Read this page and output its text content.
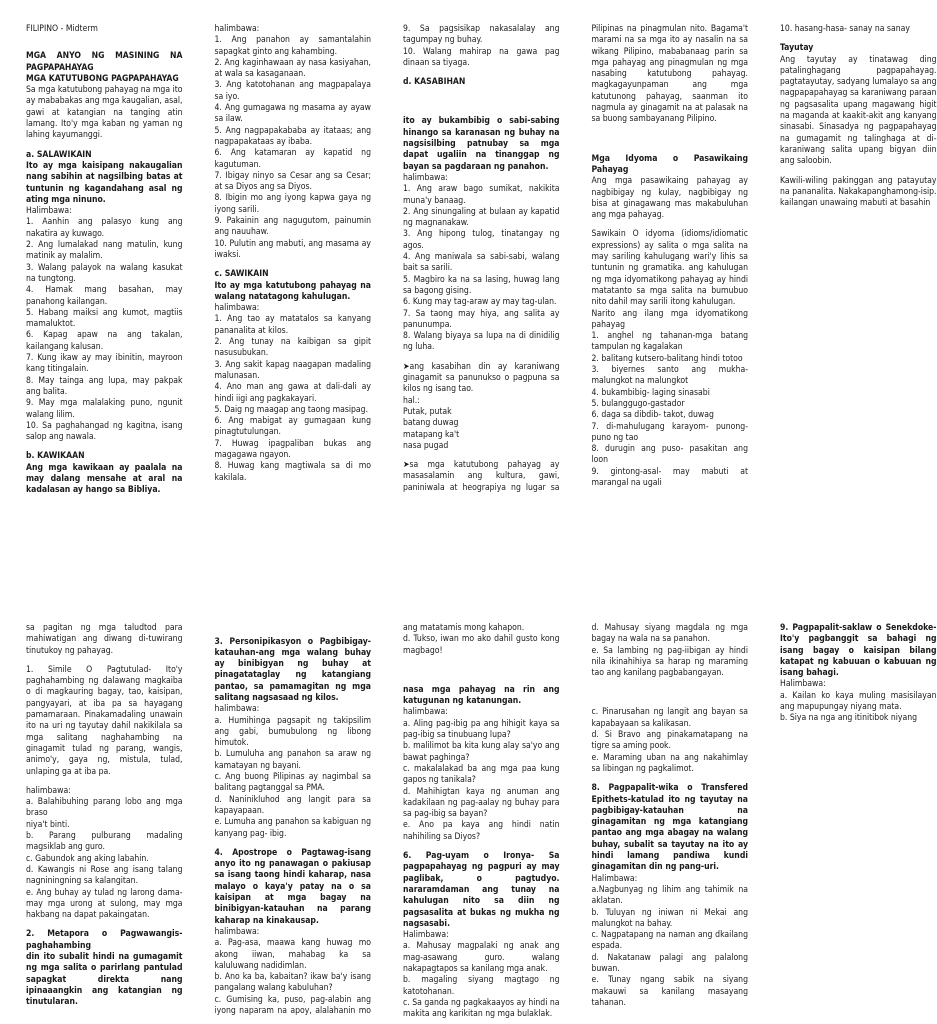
FILIPINO - Midterm

MGA ANYO NG MASINING NA PAGPAPAHAYAG

MGA KATUTUBONG PAGPAPAHAYAG

Sa mga katutubong pahayag na mga ito ay mababakas ang mga kaugalian, asal, gawi at katangian na tanging atin lamang. Ito'y mga kaban ng yaman ng lahing kayumanggi.

a. SALAWIKAIN

Ito ay mga kaisipang nakaugalian nang sabihin at nagsilbing batas at tuntunin ng kagandahang asal ng ating mga ninuno.

Halimbawa:

1. Aanhin ang palasyo kung ang nakatira ay kuwago.

2. Ang lumalakad nang matulin, kung matinik ay malalim.

3. Walang palayok na walang kasukat na tungtong.

4. Hamak mang basahan, may panahong kailangan.

5. Habang maiksi ang kumot, magtiis mamaluktot.

6. Kapag apaw na ang takalan, kailangang kalusan.

7. Kung ikaw ay may ibinitin, mayroon kang titingalain.

8. May tainga ang lupa, may pakpak ang balita.

9. May mga malalaking puno, ngunit walang lilim.

10. Sa paghahangad ng kagitna, isang salop ang nawala.

b. KAWIKAAN

Ang mga kawikaan ay paalala na may dalang mensahe at aral na kadalasan ay hango sa Bibliya.

halimbawa:

1. Ang panahon ay samantalahin sapagkat ginto ang kahambing.

2. Ang kaginhawaan ay nasa kasiyahan, at wala sa kasaganaan.

3. Ang katotohanan ang magpapalaya sa iyo.

4. Ang gumagawa ng masama ay ayaw sa ilaw.

5. Ang nagpapakababa ay itataas; ang nagpapakataas ay ibaba.

6. Ang katamaran ay kapatid ng kagutuman.

7. Ibigay ninyo sa Cesar ang sa Cesar; at sa Diyos ang sa Diyos.

8. Ibigin mo ang iyong kapwa gaya ng iyong sarili.

9. Pakainin ang nagugutom, painumin ang nauuhaw.

10. Pulutin ang mabuti, ang masama ay iwaksi.

c. SAWIKAIN

Ito ay mga katutubong pahayag na walang natatagong kahulugan.

halimbawa:

1. Ang tao ay matatalos sa kanyang pananalita at kilos.

2. Ang tunay na kaibigan sa gipit nasusubukan.

3. Ang sakit kapag naagapan madaling malunasan.

4. Ano man ang gawa at dali-dali ay hindi iigi ang pagkakayari.

5. Daig ng maagap ang taong masipag.

6. Ang mabigat ay gumagaan kung pinagtutulungan.

7. Huwag ipagpaliban bukas ang magagawa ngayon.

8. Huwag kang magtiwala sa di mo kakilala.

9. Sa pagsisikap nakasalalay ang tagumpay ng buhay.

10. Walang mahirap na gawa pag dinaan sa tiyaga.

d. KASABIHAN

ito ay bukambibig o sabi-sabing hinango sa karanasan ng buhay na nagsisilbing patnubay sa mga dapat ugaliin na tinanggap ng bayan sa pagdaraan ng panahon.

halimbawa:

1. Ang araw bago sumikat, nakikita muna'y banaag.

2. Ang sinungaling at bulaan ay kapatid ng magnanakaw.

3. Ang hipong tulog, tinatangay ng agos.

4. Ang maniwala sa sabi-sabi, walang bait sa sarili.

5. Magbiro ka na sa lasing, huwag lang sa bagong gising.

6. Kung may tag-araw ay may tag-ulan.

7. Sa taong may hiya, ang salita ay panunumpa.

8. Walang biyaya sa lupa na di dinidilig ng luha.

➤ang kasabihan din ay karaniwang ginagamit sa panunukso o pagpuna sa kilos ng isang tao.

hal.:

Putak, putak

batang duwag

matapang ka't

nasa pugad

➤sa mga katutubong pahayag ay masasalamin ang kultura, gawi, paniniwala at heograpiya ng lugar sa Pilipinas na pinagmulan nito. Bagama't marami na sa mga ito ay nasalin na sa wikang Pilipino, mababanaag parin sa mga pahayag ang pinagmulan ng mga nasabing katutubong pahayag. magkagayunpaman ang mga katutunong pahayag, saanman ito nagmula ay ginagamit na at palasak na sa buong sambayanang Pilipino.

Mga Idyoma o Pasawikaing Pahayag

Ang mga pasawikaing pahayag ay nagbibigay ng kulay, nagbibigay ng bisa at ginagawang mas makabuluhan ang mga pahayag.

Sawikain O idyoma (idioms/idiomatic expressions) ay salita o mga salita na may sariling kahulugang wari'y lihis sa tuntunin ng gramatika. ang kahulugan ng mga idyomatikong pahayag ay hindi matatanto sa mga salita na bumubuo nito dahil may sarili itong kahulugan.

Narito ang ilang mga idyomatikong pahayag

1. anghel ng tahanan-mga batang tampulan ng kagalakan

2. balitang kutsero-balitang hindi totoo

3. biyernes santo ang mukha-malungkot na malungkot

4. bukambibig- laging sinasabi

5. bulanggugo-gastador

6. daga sa dibdib- takot, duwag

7. di-mahulugang karayom- punong-puno ng tao

8. durugin ang puso- pasakitan ang loon

9. gintong-asal- may mabuti at marangal na ugali

10. hasang-hasa- sanay na sanay

Tayutay

Ang tayutay ay tinatawag ding patalinghagang pagpapahayag. pagtatayutay, sadyang lumalayo sa ang nagpapapahayag sa karaniwang paraan ng pagsasalita upang magawang higit na maganda at kaakit-akit ang kanyang sinasabi. Sinasadya ng pagpapahayag na gumagamit ng talinghaga at di-karaniwang salita upang bigyan diin ang saloobin.

Kawili-wiling pakinggan ang patayutay na pananalita. Nakakapanghamong-isip. kailangan unawaing mabuti at basahin

sa pagitan ng mga taludtod para mahiwatigan ang diwang di-tuwirang tinutukoy ng pahayag.

1. Simile O Pagtutulad- Ito'y paghahambing ng dalawang magkaiba o di magkauring bagay, tao, kaisipan, pangyayari, at iba pa sa hayagang pamamaraan. Pinakamadaling unawain ito na uri ng tayutay dahil nakikilala sa mga salitang naghahambing na ginagamit tulad ng parang, wangis, animo'y, gaya ng, mistula, tulad, unlaping ga at iba pa.

halimbawa:

a. Balahibuhing parang lobo ang mga braso

niya't binti.

b. Parang pulburang madaling magsiklab ang guro.

c. Gabundok ang aking labahin.

d. Kawangis ni Rose ang isang talang nagniningning sa kalangitan.

e. Ang buhay ay tulad ng larong dama-may mga urong at sulong, may mga hakbang na dapat pakaingatan.

2. Metapora o Pagwawangis-paghahambing

din ito subalit hindi na gumagamit ng mga salita o parirlang pantulad sapagkat direkta nang ipinaaangkin ang katangian ng tinutularan.

3. Personipikasyon o Pagbibigay-katauhan-ang mga walang buhay ay binibigyan ng buhay at pinagatataglay ng katangiang pantao, sa pamamagitan ng mga salitang nagsasaad ng kilos.

halimbawa:

a. Humihinga pagsapit ng takipsilim ang gabi, bumubulong ng libong himutok.

b. Lumuluha ang panahon sa araw ng kamatayan ng bayani.

c. Ang buong Pilipinas ay nagimbal sa balitang pagtanggal sa PMA.

d. Naninikluhod ang langit para sa kapayapaan.

e. Lumuha ang panahon sa kabiguan ng kanyang pag- ibig.

4. Apostrope o Pagtawag-isang anyo ito ng panawagan o pakiusap sa isang taong hindi kaharap, nasa malayo o kaya'y patay na o sa kaisipan at mga bagay na binibigyan-katauhan na parang kaharap na kinakausap.

halimbawa:

a. Pag-asa, maawa kang huwag mo akong iiwan, mahabag ka sa kaluluwang nadidimlan.

b. Ano ka ba, kabaitan? ikaw ba'y isang pangalang walang kabuluhan?

c. Gumising ka, puso, pag-alabin ang iyong naparam na apoy, alalahanin mo ang matatamis mong kahapon.

d. Tukso, iwan mo ako dahil gusto kong magbago!

nasa mga pahayag na rin ang katugunan ng katanungan.

halimbawa:

a. Aling pag-ibig pa ang hihigit kaya sa pag-ibig sa tinubuang lupa?

b. malilimot ba kita kung alay sa'yo ang bawat paghinga?

c. makalalakad ba ang mga paa kung gapos ng tanikala?

d. Mahihigtan kaya ng anuman ang kadakilaan ng pag-aalay ng buhay para sa pag-ibig sa bayan?

e. Ano pa kaya ang hindi natin nahihiling sa Diyos?

6. Pag-uyam o Ironya- Sa pagpapahayag ng pagpuri ay may paglibak, o pagtudyo. nararamdaman ang tunay na kahulugan nito sa diin ng pagsasalita at bukas ng mukha ng nagsasabi.

Halimbawa:

a. Mahusay magpalaki ng anak ang mag-asawang guro. walang nakapagtapos sa kanilang mga anak.

b. magaling siyang magtago ng katotohanan.

c. Sa ganda ng pagkakaayos ay hindi na makita ang karikitan ng mga bulaklak.

d. Mahusay siyang magdala ng mga bagay na wala na sa panahon.

e. Sa lambing ng pag-iibigan ay hindi nila ikinahihiya sa harap ng maraming tao ang kanilang pagbabangayan.

c. Pinarusahan ng langit ang bayan sa kapabayaan sa kalikasan.

d. Si Bravo ang pinakamatapang na tigre sa aming pook.

e. Maraming uban na ang nakahimlay sa libingan ng pagkalimot.

8. Pagpapalit-wika o Transfered Epithets-katulad ito ng tayutay na pagbibigay-katauhan na ginagamitan ng mga katangiang pantao ang mga abagay na walang buhay, subalit sa tayutay na ito ay hindi lamang pandiwa kundi ginagamitan din ng pang-uri.

Halimbawa:

a.Nagbunyag ng lihim ang tahimik na aklatan.

b. Tuluyan ng iniwan ni Mekai ang malungkot na bahay.

c. Nagpatapang na naman ang dkailang espada.

d. Nakatanaw palagi ang palalong buwan.

e. Tunay ngang sabik na siyang makauwi sa kanilang masayang tahanan.

9. Pagpapalit-saklaw o Senekdoke- Ito'y pagbanggit sa bahagi ng isang bagay o kaisipan bilang katapat ng kabuuan o kabuuan ng isang bahagi.

Halimbawa:

a. Kailan ko kaya muling masisilayan ang mapupungay niyang mata.

b. Siya na nga ang itinitibok niyang
